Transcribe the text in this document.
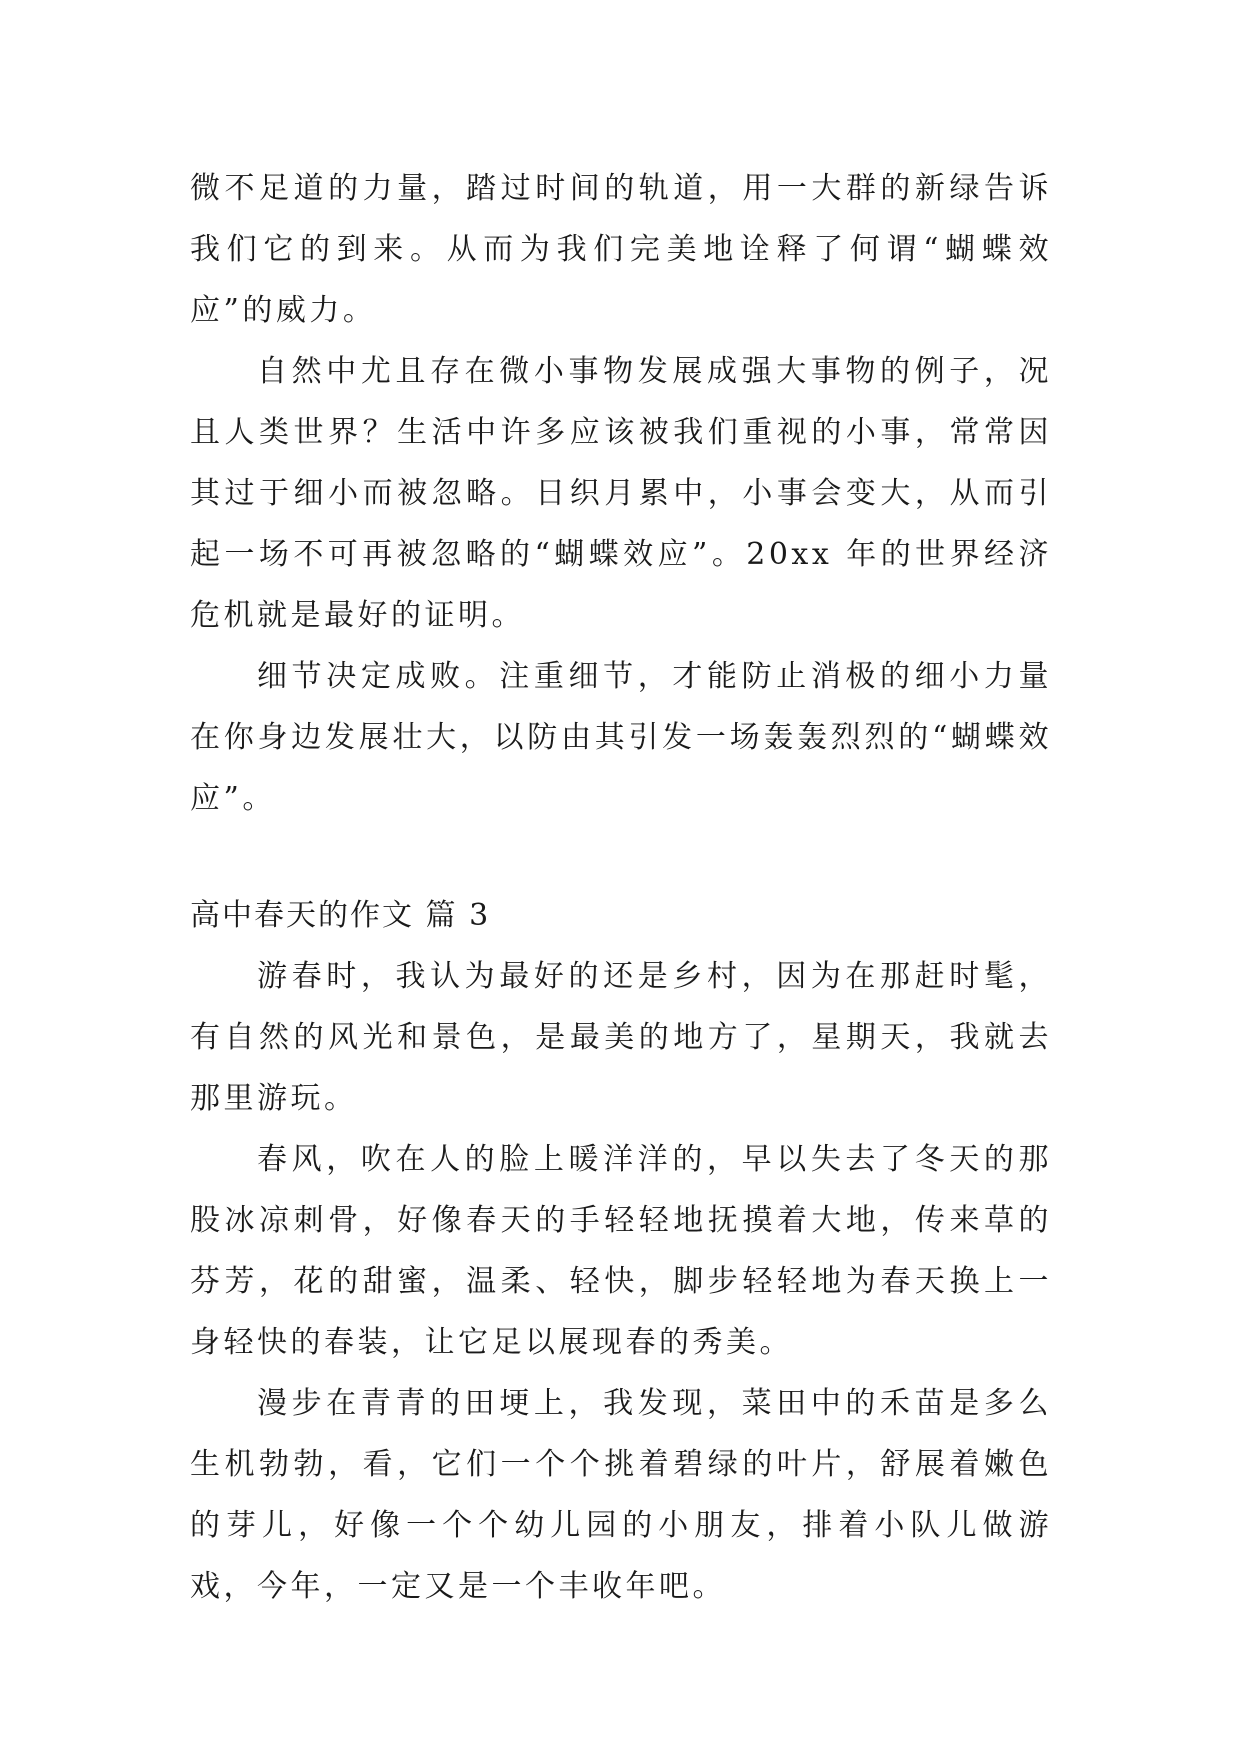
微不足道的力量，踏过时间的轨道，用一大群的新绿告诉我们它的到来。从而为我们完美地诠释了何谓“蝴蝶效应”的威力。

自然中尤且存在微小事物发展成强大事物的例子，况且人类世界？生活中许多应该被我们重视的小事，常常因其过于细小而被忽略。日织月累中，小事会变大，从而引起一场不可再被忽略的“蝴蝶效应”。20xx 年的世界经济危机就是最好的证明。

细节决定成败。注重细节，才能防止消极的细小力量在你身边发展壮大，以防由其引发一场轰轰烈烈的“蝴蝶效应”。

高中春天的作文 篇 3

游春时，我认为最好的还是乡村，因为在那赶时髦，有自然的风光和景色，是最美的地方了，星期天，我就去那里游玩。

春风，吹在人的脸上暖洋洋的，早以失去了冬天的那股冰凉刺骨，好像春天的手轻轻地抚摸着大地，传来草的芬芳，花的甜蜜，温柔、轻快，脚步轻轻地为春天换上一身轻快的春装，让它足以展现春的秀美。

漫步在青青的田埂上，我发现，菜田中的禾苗是多么生机勃勃，看，它们一个个挑着碧绿的叶片，舒展着嫩色的芽儿，好像一个个幼儿园的小朋友，排着小队儿做游戏，今年，一定又是一个丰收年吧。
